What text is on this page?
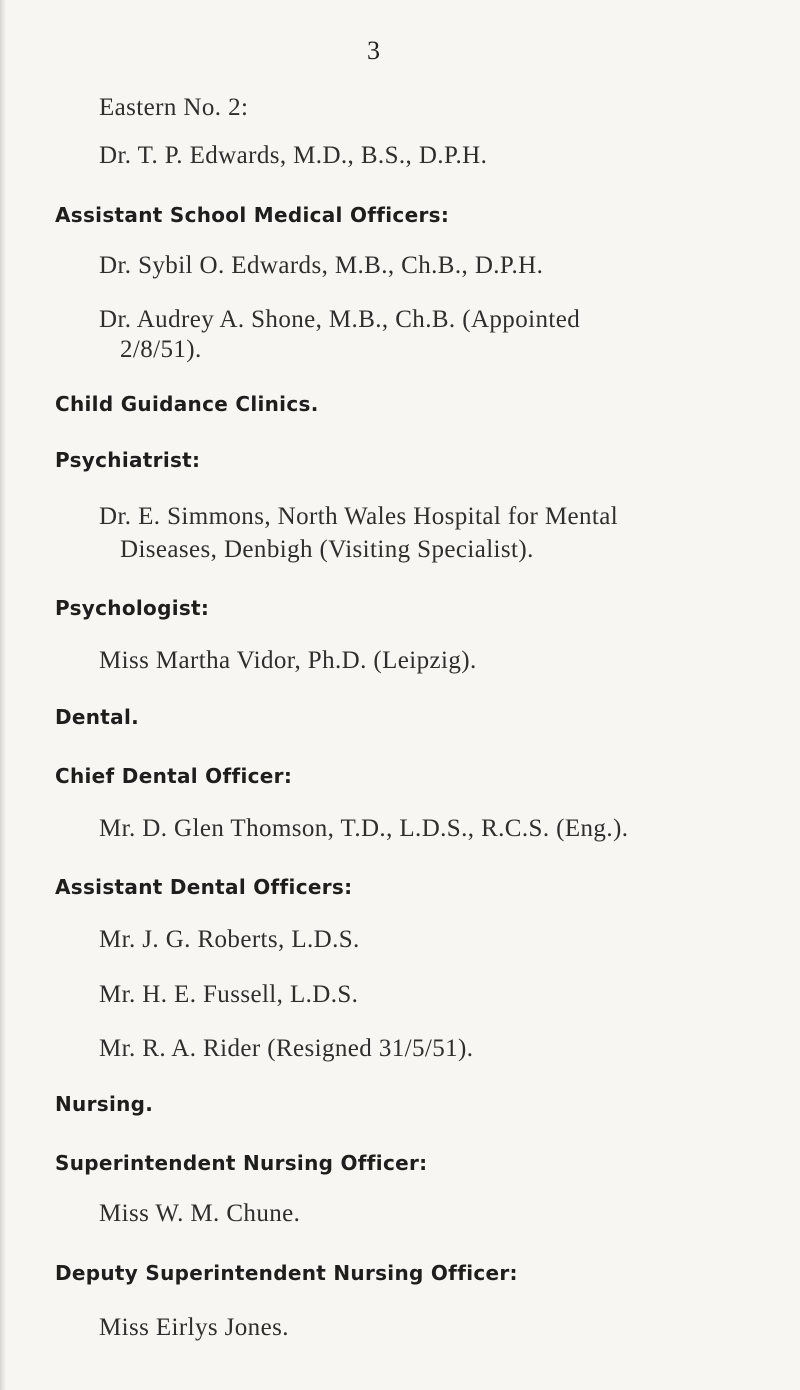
3
Eastern No. 2:
Dr. T. P. Edwards, M.D., B.S., D.P.H.
Assistant School Medical Officers:
Dr. Sybil O. Edwards, M.B., Ch.B., D.P.H.
Dr. Audrey A. Shone, M.B., Ch.B. (Appointed
2/8/51).
Child Guidance Clinics.
Psychiatrist:
Dr. E. Simmons, North Wales Hospital for Mental
Diseases, Denbigh (Visiting Specialist).
Psychologist:
Miss Martha Vidor, Ph.D. (Leipzig).
Dental.
Chief Dental Officer:
Mr. D. Glen Thomson, T.D., L.D.S., R.C.S. (Eng.).
Assistant Dental Officers:
Mr. J. G. Roberts, L.D.S.
Mr. H. E. Fussell, L.D.S.
Mr. R. A. Rider (Resigned 31/5/51).
Nursing.
Superintendent Nursing Officer:
Miss W. M. Chune.
Deputy Superintendent Nursing Officer:
Miss Eirlys Jones.
